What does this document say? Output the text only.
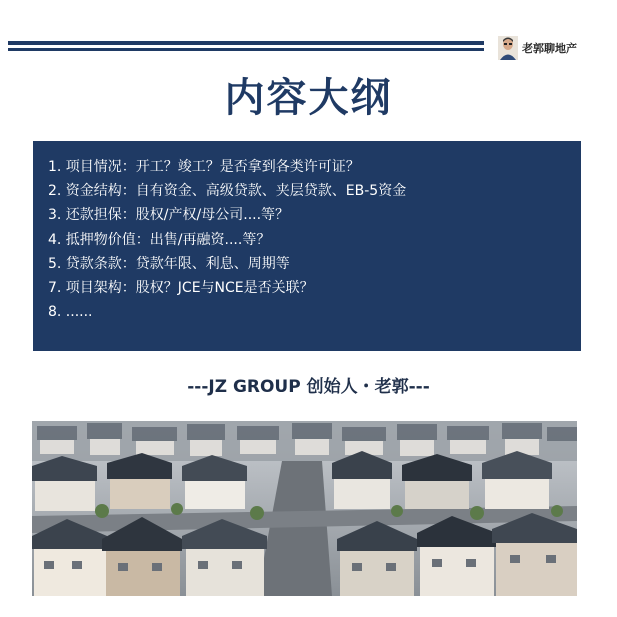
老郭聊地产
内容大纲
1. 项目情况：开工？竣工？是否拿到各类许可证？
2. 资金结构：自有资金、高级贷款、夹层贷款、EB-5资金
3. 还款担保：股权/产权/母公司....等？
4. 抵押物价值：出售/再融资....等？
5. 贷款条款：贷款年限、利息、周期等
7. 项目架构：股权？JCE与NCE是否关联？
8. ......
---JZ GROUP 创始人・老郭---
